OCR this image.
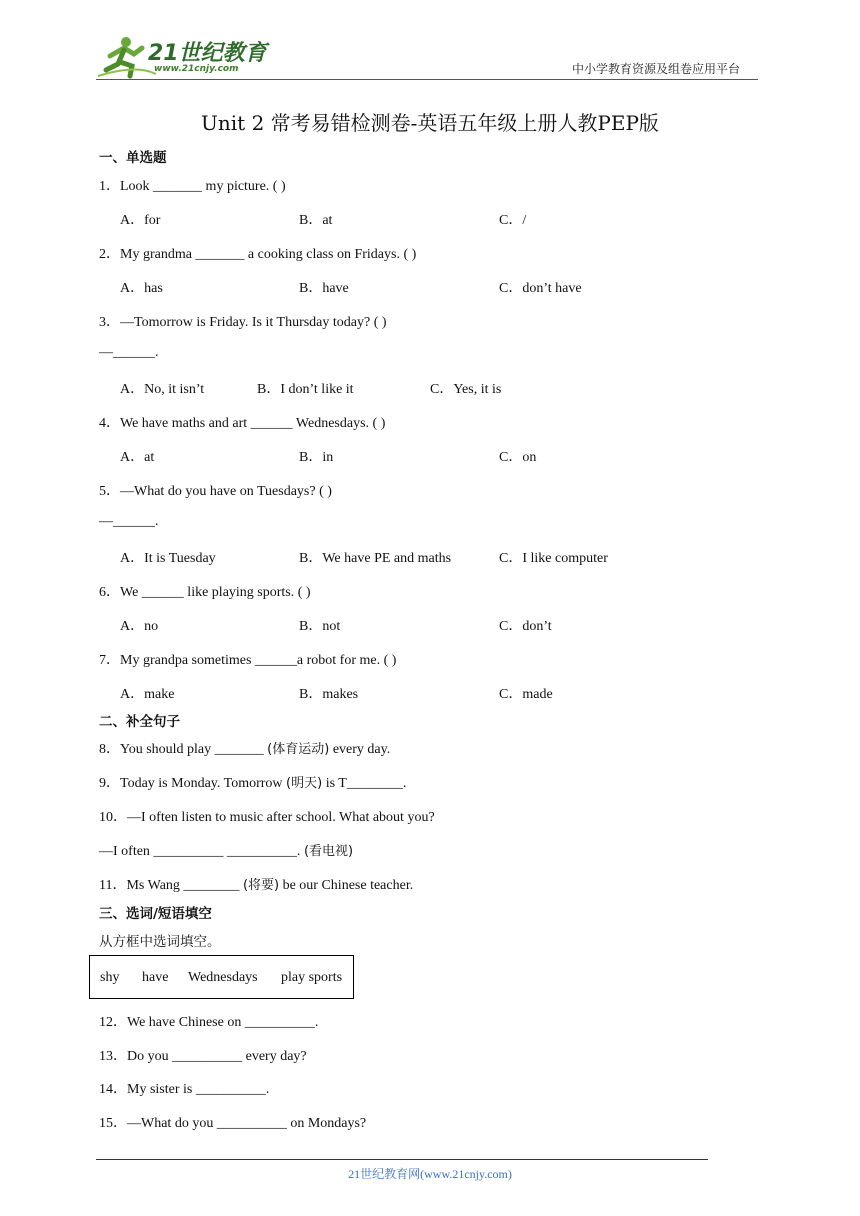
21世纪教育
www.21cnjy.com	中小学教育资源及组卷应用平台
Unit 2 常考易错检测卷-英语五年级上册人教PEP版
一、单选题
1．Look _______ my picture. ( )
A．for	B．at	C．/
2．My grandma _______ a cooking class on Fridays. ( )
A．has	B．have	C．don’t have
3．—Tomorrow is Friday. Is it Thursday today? ( )
—______.
A．No, it isn’t	B．I don’t like it	C．Yes, it is
4．We have maths and art ______ Wednesdays. ( )
A．at	B．in	C．on
5．—What do you have on Tuesdays? ( )
—______.
A．It is Tuesday	B．We have PE and maths	C．I like computer
6．We ______ like playing sports. ( )
A．no	B．not	C．don’t
7．My grandpa sometimes ______a robot for me. ( )
A．make	B．makes	C．made
二、补全句子
8．You should play _______ (体育运动) every day.
9．Today is Monday. Tomorrow (明天) is T________.
10．—I often listen to music after school. What about you?
—I often __________ __________. (看电视)
11．Ms Wang ________ (将要) be our Chinese teacher.
三、选词/短语填空
从方框中选词填空。
shy have Wednesdays play sports
12．We have Chinese on __________.
13．Do you __________ every day?
14．My sister is __________.
15．—What do you __________ on Mondays?
21世纪教育网(www.21cnjy.com)
